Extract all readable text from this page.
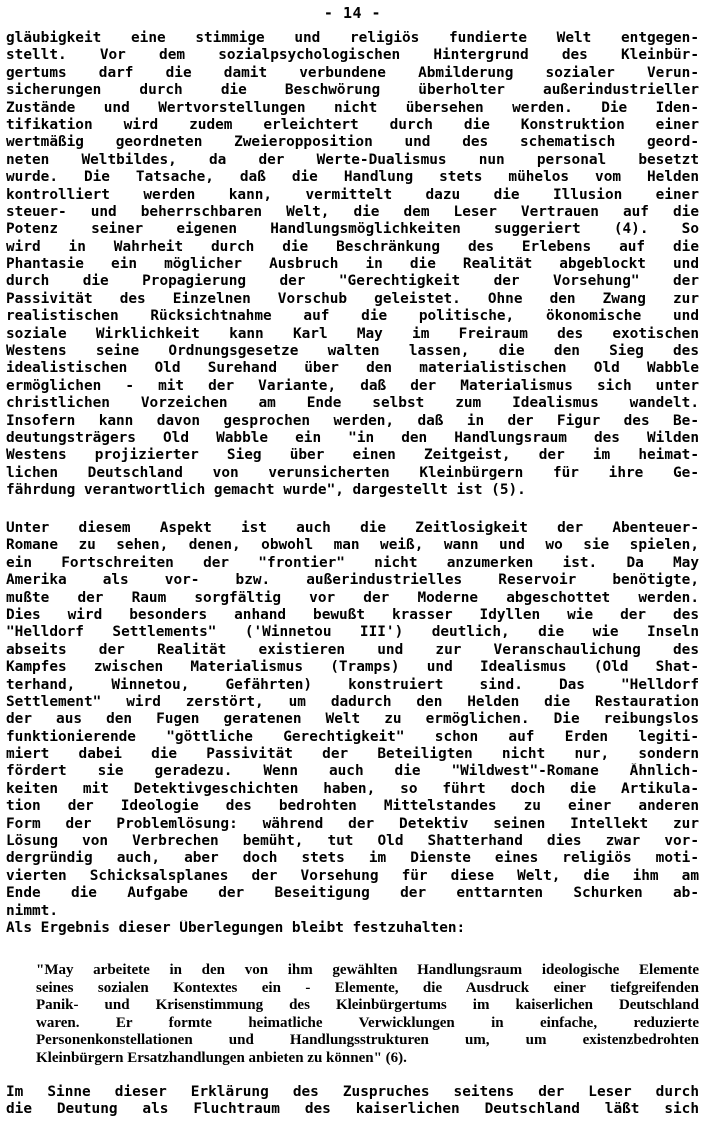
- 14 -
gläubigkeit eine stimmige und religiös fundierte Welt entgegen-
stellt. Vor dem sozialpsychologischen Hintergrund des Kleinbür-
gertums darf die damit verbundene Abmilderung sozialer Verun-
sicherungen durch die Beschwörung überholter außerindustrieller
Zustände und Wertvorstellungen nicht übersehen werden. Die Iden-
tifikation wird zudem erleichtert durch die Konstruktion einer
wertmäßig geordneten Zweieropposition und des schematisch geord-
neten Weltbildes, da der Werte-Dualismus nun personal besetzt
wurde. Die Tatsache, daß die Handlung stets mühelos vom Helden
kontrolliert werden kann, vermittelt dazu die Illusion einer
steuer- und beherrschbaren Welt, die dem Leser Vertrauen auf die
Potenz seiner eigenen Handlungsmöglichkeiten suggeriert (4). So
wird in Wahrheit durch die Beschränkung des Erlebens auf die
Phantasie ein möglicher Ausbruch in die Realität abgeblockt und
durch die Propagierung der "Gerechtigkeit der Vorsehung" der
Passivität des Einzelnen Vorschub geleistet. Ohne den Zwang zur
realistischen Rücksichtnahme auf die politische, ökonomische und
soziale Wirklichkeit kann Karl May im Freiraum des exotischen
Westens seine Ordnungsgesetze walten lassen, die den Sieg des
idealistischen Old Surehand über den materialistischen Old Wabble
ermöglichen - mit der Variante, daß der Materialismus sich unter
christlichen Vorzeichen am Ende selbst zum Idealismus wandelt.
Insofern kann davon gesprochen werden, daß in der Figur des Be-
deutungsträgers Old Wabble ein "in den Handlungsraum des Wilden
Westens projizierter Sieg über einen Zeitgeist, der im heimat-
lichen Deutschland von verunsicherten Kleinbürgern für ihre Ge-
fährdung verantwortlich gemacht wurde", dargestellt ist (5).
Unter diesem Aspekt ist auch die Zeitlosigkeit der Abenteuer-
Romane zu sehen, denen, obwohl man weiß, wann und wo sie spielen,
ein Fortschreiten der "frontier" nicht anzumerken ist. Da May
Amerika als vor- bzw. außerindustrielles Reservoir benötigte,
mußte der Raum sorgfältig vor der Moderne abgeschottet werden.
Dies wird besonders anhand bewußt krasser Idyllen wie der des
"Helldorf Settlements" ('Winnetou III') deutlich, die wie Inseln
abseits der Realität existieren und zur Veranschaulichung des
Kampfes zwischen Materialismus (Tramps) und Idealismus (Old Shat-
terhand, Winnetou, Gefährten) konstruiert sind. Das "Helldorf
Settlement" wird zerstört, um dadurch den Helden die Restauration
der aus den Fugen geratenen Welt zu ermöglichen. Die reibungslos
funktionierende "göttliche Gerechtigkeit" schon auf Erden legiti-
miert dabei die Passivität der Beteiligten nicht nur, sondern
fördert sie geradezu. Wenn auch die "Wildwest"-Romane Ähnlich-
keiten mit Detektivgeschichten haben, so führt doch die Artikula-
tion der Ideologie des bedrohten Mittelstandes zu einer anderen
Form der Problemlösung: während der Detektiv seinen Intellekt zur
Lösung von Verbrechen bemüht, tut Old Shatterhand dies zwar vor-
dergründig auch, aber doch stets im Dienste eines religiös moti-
vierten Schicksalsplanes der Vorsehung für diese Welt, die ihm am
Ende die Aufgabe der Beseitigung der enttarnten Schurken ab-
nimmt.
Als Ergebnis dieser Überlegungen bleibt festzuhalten:
"May arbeitete in den von ihm gewählten Handlungsraum ideologische Elemente
seines sozialen Kontextes ein - Elemente, die Ausdruck einer tiefgreifenden
Panik- und Krisenstimmung des Kleinbürgertums im kaiserlichen Deutschland
waren. Er formte heimatliche Verwicklungen in einfache, reduzierte
Personenkonstellationen und Handlungsstrukturen um, um existenzbedrohten
Kleinbürgern Ersatzhandlungen anbieten zu können" (6).
Im Sinne dieser Erklärung des Zuspruches seitens der Leser durch
die Deutung als Fluchtraum des kaiserlichen Deutschland läßt sich
